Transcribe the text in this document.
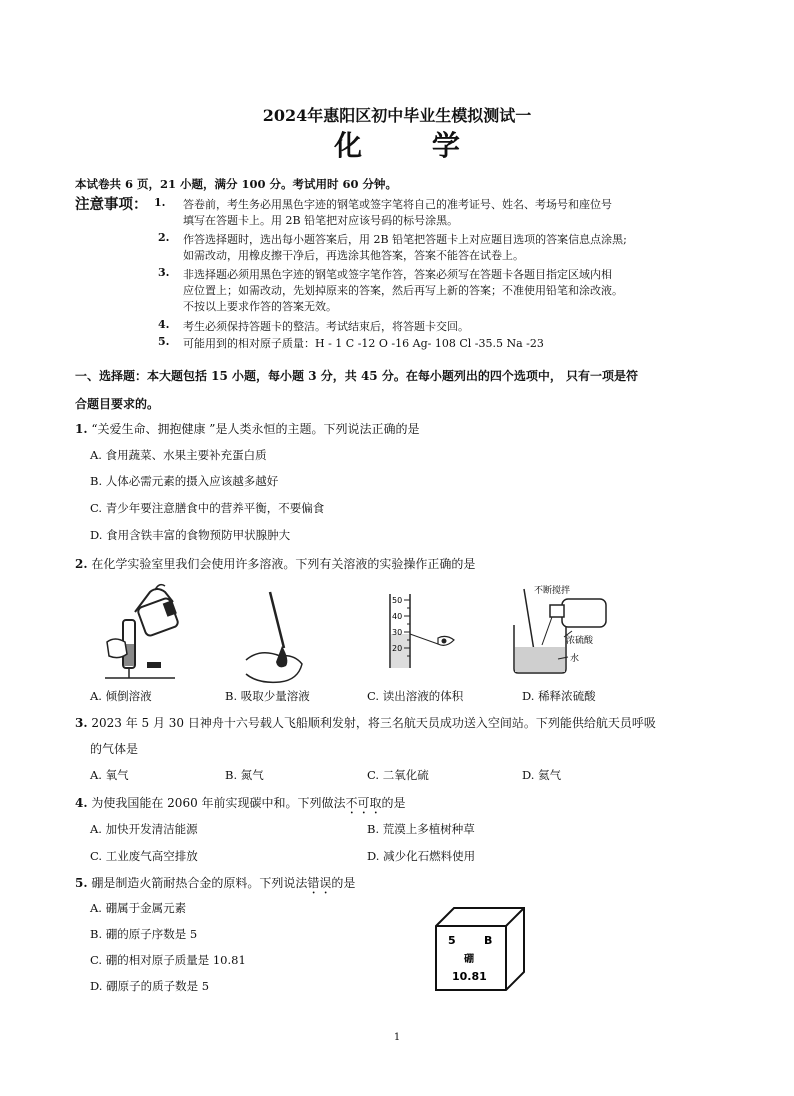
2024年惠阳区初中毕业生模拟测试一
化 学
本试卷共 6 页，21 小题，满分 100 分。考试用时 60 分钟。
注意事项： 1. 答卷前，考生务必用黑色字迹的钢笔或签字笔将自己的准考证号、姓名、考场号和座位号
填写在答题卡上。用 2B 铅笔把对应该号码的标号涂黑。
2. 作答选择题时，选出每小题答案后，用 2B 铅笔把答题卡上对应题目选项的答案信息点涂黑;
如需改动，用橡皮擦干净后，再选涂其他答案，答案不能答在试卷上。
3. 非选择题必须用黑色字迹的钢笔或签字笔作答，答案必须写在答题卡各题目指定区域内相
应位置上；如需改动，先划掉原来的答案，然后再写上新的答案；不准使用铅笔和涂改液。
不按以上要求作答的答案无效。
4. 考生必须保持答题卡的整洁。考试结束后，将答题卡交回。
5. 可能用到的相对原子质量：H - 1 C -12 O -16 Ag- 108 Cl -35.5 Na -23
一、选择题：本大题包括 15 小题，每小题 3 分，共 45 分。在每小题列出的四个选项中， 只有一项是符
合题目要求的。
1. “关爱生命、拥抱健康 ”是人类永恒的主题。下列说法正确的是
A. 食用蔬菜、水果主要补充蛋白质
B. 人体必需元素的摄入应该越多越好
C. 青少年要注意膳食中的营养平衡，不要偏食
D. 食用含铁丰富的食物预防甲状腺肿大
2. 在化学实验室里我们会使用许多溶液。下列有关溶液的实验操作正确的是
50
40
30
20
不断搅拌
浓硫酸
水
A. 倾倒溶液	B. 吸取少量溶液	C. 读出溶液的体积	D. 稀释浓硫酸
3. 2023 年 5 月 30 日神舟十六号载人飞船顺利发射，将三名航天员成功送入空间站。下列能供给航天员呼吸
的气体是
A. 氧气	B. 氮气	C. 二氧化硫	D. 氦气
4. 为使我国能在 2060 年前实现碳中和。下列做法不可取的是
A. 加快开发清洁能源	B. 荒漠上多植树种草
C. 工业废气高空排放	D. 减少化石燃料使用
5. 硼是制造火箭耐热合金的原料。下列说法错误的是
A. 硼属于金属元素
B. 硼的原子序数是 5
C. 硼的相对原子质量是 10.81
D. 硼原子的质子数是 5
5	B
硼
10.81
1
